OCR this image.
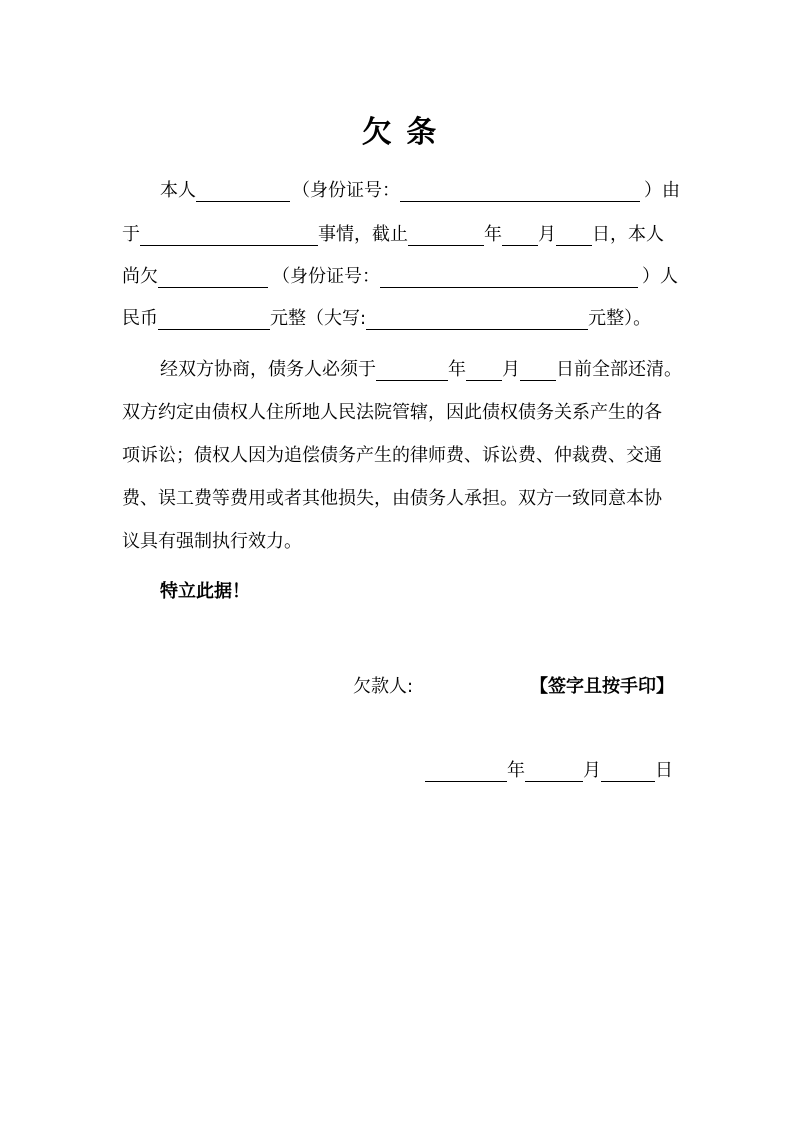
欠 条
本人	（身份证号：	）由
于	事情，截止	年 月 日，本人
尚欠	（身份证号：	）人
民币	元整（大写:	元整）。
经双方协商，债务人必须于	年 月 日前全部还清。
双方约定由债权人住所地人民法院管辖，因此债权债务关系产生的各
项诉讼；债权人因为追偿债务产生的律师费、诉讼费、仲裁费、交通
费、误工费等费用或者其他损失，由债务人承担。双方一致同意本协
议具有强制执行效力。
特立此据！
欠款人:	【签字且按手印】
年	月	日
